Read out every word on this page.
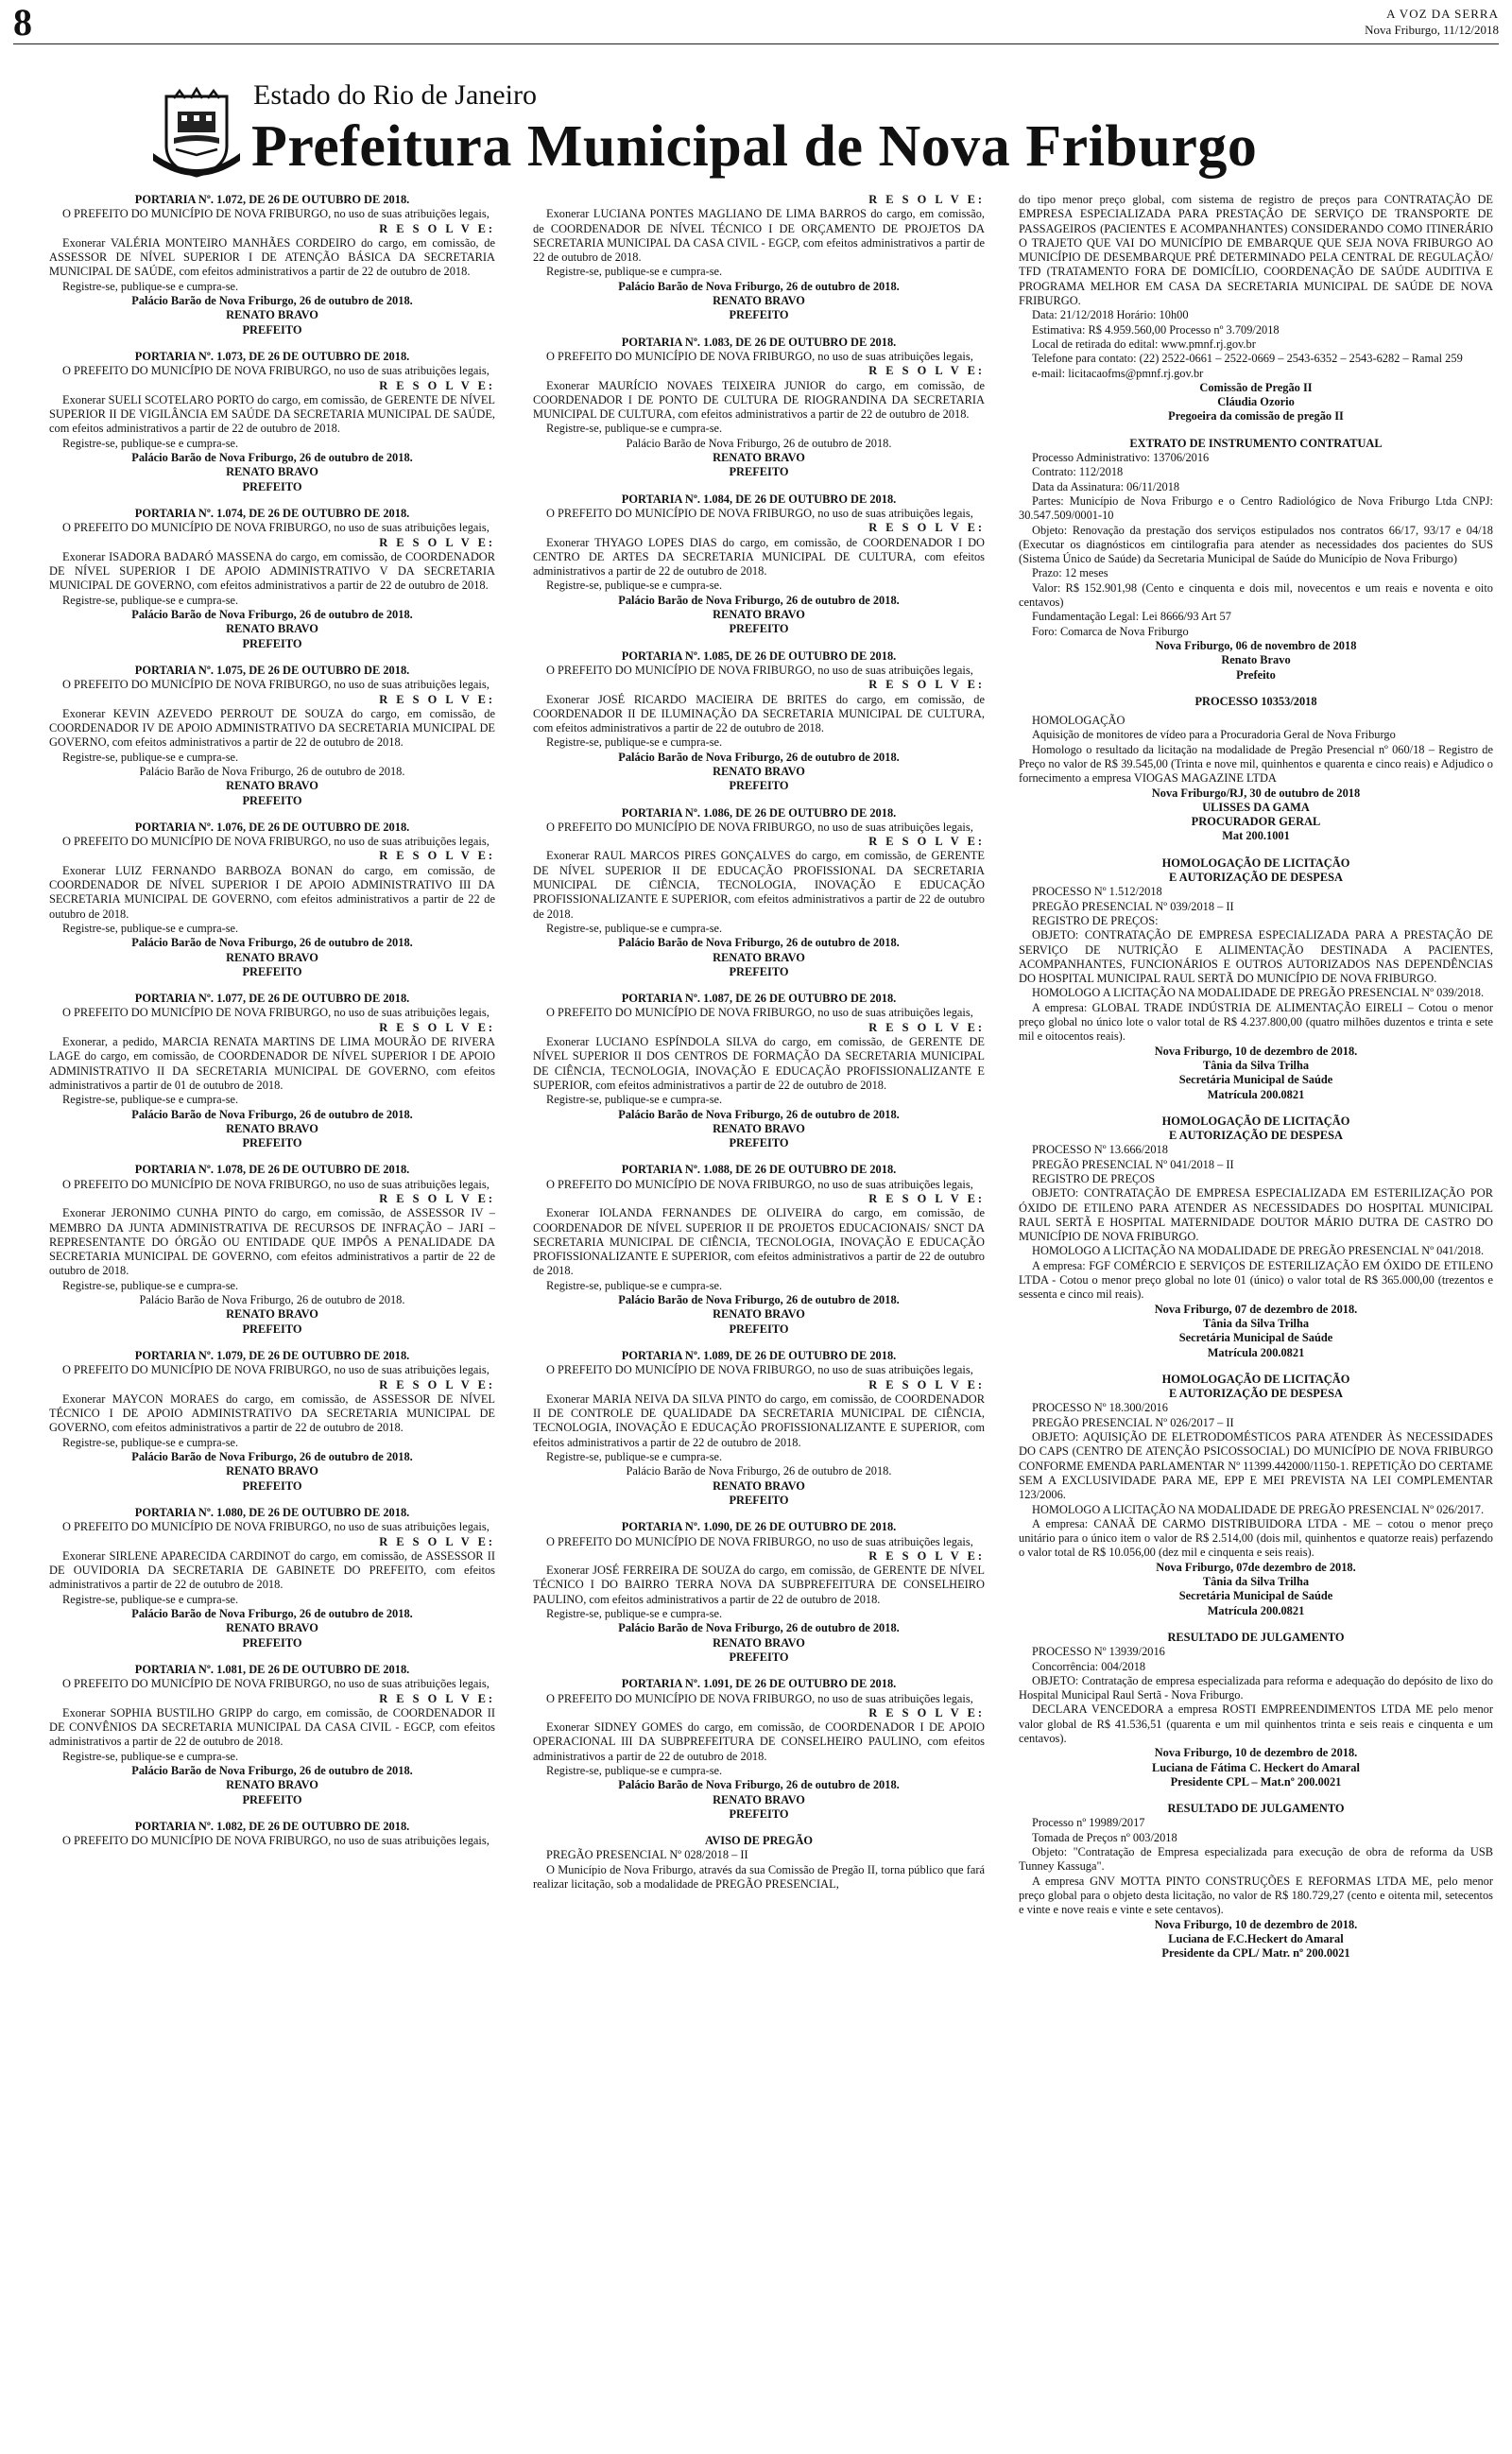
8	A VOZ DA SERRA
Nova Friburgo, 11/12/2018
Estado do Rio de Janeiro
Prefeitura Municipal de Nova Friburgo

PORTARIA Nº. 1.072, DE 26 DE OUTUBRO DE 2018.

O PREFEITO DO MUNICÍPIO DE NOVA FRIBURGO, no uso de suas atribuições legais,

R E S O L V E:

Exonerar VALÉRIA MONTEIRO MANHÃES CORDEIRO do cargo, em comissão, de ASSESSOR DE NÍVEL SUPERIOR I DE ATENÇÃO BÁSICA DA SECRETARIA MUNICIPAL DE SAÚDE, com efeitos administrativos a partir de 22 de outubro de 2018.

Registre-se, publique-se e cumpra-se.

Palácio Barão de Nova Friburgo, 26 de outubro de 2018.

RENATO BRAVO

PREFEITO

PORTARIA Nº. 1.073, DE 26 DE OUTUBRO DE 2018.

O PREFEITO DO MUNICÍPIO DE NOVA FRIBURGO, no uso de suas atribuições legais,

R E S O L V E:

Exonerar SUELI SCOTELARO PORTO do cargo, em comissão, de GERENTE DE NÍVEL SUPERIOR II DE VIGILÂNCIA EM SAÚDE DA SECRETARIA MUNICIPAL DE SAÚDE, com efeitos administrativos a partir de 22 de outubro de 2018.

Registre-se, publique-se e cumpra-se.

Palácio Barão de Nova Friburgo, 26 de outubro de 2018.

RENATO BRAVO

PREFEITO

PORTARIA Nº. 1.074, DE 26 DE OUTUBRO DE 2018.

O PREFEITO DO MUNICÍPIO DE NOVA FRIBURGO, no uso de suas atribuições legais,

R E S O L V E:

Exonerar ISADORA BADARÓ MASSENA do cargo, em comissão, de COORDENADOR DE NÍVEL SUPERIOR I DE APOIO ADMINISTRATIVO V DA SECRETARIA MUNICIPAL DE GOVERNO, com efeitos administrativos a partir de 22 de outubro de 2018.

Registre-se, publique-se e cumpra-se.

Palácio Barão de Nova Friburgo, 26 de outubro de 2018.

RENATO BRAVO

PREFEITO

PORTARIA Nº. 1.075, DE 26 DE OUTUBRO DE 2018.

O PREFEITO DO MUNICÍPIO DE NOVA FRIBURGO, no uso de suas atribuições legais,

R E S O L V E:

Exonerar KEVIN AZEVEDO PERROUT DE SOUZA do cargo, em comissão, de COORDENADOR IV DE APOIO ADMINISTRATIVO DA SECRETARIA MUNICIPAL DE GOVERNO, com efeitos administrativos a partir de 22 de outubro de 2018.

Registre-se, publique-se e cumpra-se.

Palácio Barão de Nova Friburgo, 26 de outubro de 2018.

RENATO BRAVO

PREFEITO

PORTARIA Nº. 1.076, DE 26 DE OUTUBRO DE 2018.

O PREFEITO DO MUNICÍPIO DE NOVA FRIBURGO, no uso de suas atribuições legais,

R E S O L V E:

Exonerar LUIZ FERNANDO BARBOZA BONAN do cargo, em comissão, de COORDENADOR DE NÍVEL SUPERIOR I DE APOIO ADMINISTRATIVO III DA SECRETARIA MUNICIPAL DE GOVERNO, com efeitos administrativos a partir de 22 de outubro de 2018.

Registre-se, publique-se e cumpra-se.

Palácio Barão de Nova Friburgo, 26 de outubro de 2018.

RENATO BRAVO

PREFEITO

PORTARIA Nº. 1.077, DE 26 DE OUTUBRO DE 2018.

O PREFEITO DO MUNICÍPIO DE NOVA FRIBURGO, no uso de suas atribuições legais,

R E S O L V E:

Exonerar, a pedido, MARCIA RENATA MARTINS DE LIMA MOURÃO DE RIVERA LAGE do cargo, em comissão, de COORDENADOR DE NÍVEL SUPERIOR I DE APOIO ADMINISTRATIVO II DA SECRETARIA MUNICIPAL DE GOVERNO, com efeitos administrativos a partir de 01 de outubro de 2018.

Registre-se, publique-se e cumpra-se.

Palácio Barão de Nova Friburgo, 26 de outubro de 2018.

RENATO BRAVO

PREFEITO

PORTARIA Nº. 1.078, DE 26 DE OUTUBRO DE 2018.

O PREFEITO DO MUNICÍPIO DE NOVA FRIBURGO, no uso de suas atribuições legais,

R E S O L V E:

Exonerar JERONIMO CUNHA PINTO do cargo, em comissão, de ASSESSOR IV – MEMBRO DA JUNTA ADMINISTRATIVA DE RECURSOS DE INFRAÇÃO – JARI – REPRESENTANTE DO ÓRGÃO OU ENTIDADE QUE IMPÔS A PENALIDADE DA SECRETARIA MUNICIPAL DE GOVERNO, com efeitos administrativos a partir de 22 de outubro de 2018.

Registre-se, publique-se e cumpra-se.

Palácio Barão de Nova Friburgo, 26 de outubro de 2018.

RENATO BRAVO

PREFEITO

PORTARIA Nº. 1.079, DE 26 DE OUTUBRO DE 2018.

O PREFEITO DO MUNICÍPIO DE NOVA FRIBURGO, no uso de suas atribuições legais,

R E S O L V E:

Exonerar MAYCON MORAES do cargo, em comissão, de ASSESSOR DE NÍVEL TÉCNICO I DE APOIO ADMINISTRATIVO DA SECRETARIA MUNICIPAL DE GOVERNO, com efeitos administrativos a partir de 22 de outubro de 2018.

Registre-se, publique-se e cumpra-se.

Palácio Barão de Nova Friburgo, 26 de outubro de 2018.

RENATO BRAVO

PREFEITO

PORTARIA Nº. 1.080, DE 26 DE OUTUBRO DE 2018.

O PREFEITO DO MUNICÍPIO DE NOVA FRIBURGO, no uso de suas atribuições legais,

R E S O L V E:

Exonerar SIRLENE APARECIDA CARDINOT do cargo, em comissão, de ASSESSOR II DE OUVIDORIA DA SECRETARIA DE GABINETE DO PREFEITO, com efeitos administrativos a partir de 22 de outubro de 2018.

Registre-se, publique-se e cumpra-se.

Palácio Barão de Nova Friburgo, 26 de outubro de 2018.

RENATO BRAVO

PREFEITO

PORTARIA Nº. 1.081, DE 26 DE OUTUBRO DE 2018.

O PREFEITO DO MUNICÍPIO DE NOVA FRIBURGO, no uso de suas atribuições legais,

R E S O L V E:

Exonerar SOPHIA BUSTILHO GRIPP do cargo, em comissão, de COORDENADOR II DE CONVÊNIOS DA SECRETARIA MUNICIPAL DA CASA CIVIL - EGCP, com efeitos administrativos a partir de 22 de outubro de 2018.

Registre-se, publique-se e cumpra-se.

Palácio Barão de Nova Friburgo, 26 de outubro de 2018.

RENATO BRAVO

PREFEITO

PORTARIA Nº. 1.082, DE 26 DE OUTUBRO DE 2018.

O PREFEITO DO MUNICÍPIO DE NOVA FRIBURGO, no uso de suas atribuições legais,

R E S O L V E:

Exonerar LUCIANA PONTES MAGLIANO DE LIMA BARROS do cargo, em comissão, de COORDENADOR DE NÍVEL TÉCNICO I DE ORÇAMENTO DE PROJETOS DA SECRETARIA MUNICIPAL DA CASA CIVIL - EGCP, com efeitos administrativos a partir de 22 de outubro de 2018.

Registre-se, publique-se e cumpra-se.

Palácio Barão de Nova Friburgo, 26 de outubro de 2018.

RENATO BRAVO

PREFEITO

PORTARIA Nº. 1.083, DE 26 DE OUTUBRO DE 2018.

O PREFEITO DO MUNICÍPIO DE NOVA FRIBURGO, no uso de suas atribuições legais,

R E S O L V E:

Exonerar MAURÍCIO NOVAES TEIXEIRA JUNIOR do cargo, em comissão, de COORDENADOR I DE PONTO DE CULTURA DE RIOGRANDINA DA SECRETARIA MUNICIPAL DE CULTURA, com efeitos administrativos a partir de 22 de outubro de 2018.

Registre-se, publique-se e cumpra-se.

Palácio Barão de Nova Friburgo, 26 de outubro de 2018.

RENATO BRAVO

PREFEITO

PORTARIA Nº. 1.084, DE 26 DE OUTUBRO DE 2018.

O PREFEITO DO MUNICÍPIO DE NOVA FRIBURGO, no uso de suas atribuições legais,

R E S O L V E:

Exonerar THYAGO LOPES DIAS do cargo, em comissão, de COORDENADOR I DO CENTRO DE ARTES DA SECRETARIA MUNICIPAL DE CULTURA, com efeitos administrativos a partir de 22 de outubro de 2018.

Registre-se, publique-se e cumpra-se.

Palácio Barão de Nova Friburgo, 26 de outubro de 2018.

RENATO BRAVO

PREFEITO

PORTARIA Nº. 1.085, DE 26 DE OUTUBRO DE 2018.

O PREFEITO DO MUNICÍPIO DE NOVA FRIBURGO, no uso de suas atribuições legais,

R E S O L V E:

Exonerar JOSÉ RICARDO MACIEIRA DE BRITES do cargo, em comissão, de COORDENADOR II DE ILUMINAÇÃO DA SECRETARIA MUNICIPAL DE CULTURA, com efeitos administrativos a partir de 22 de outubro de 2018.

Registre-se, publique-se e cumpra-se.

Palácio Barão de Nova Friburgo, 26 de outubro de 2018.

RENATO BRAVO

PREFEITO

PORTARIA Nº. 1.086, DE 26 DE OUTUBRO DE 2018.

O PREFEITO DO MUNICÍPIO DE NOVA FRIBURGO, no uso de suas atribuições legais,

R E S O L V E:

Exonerar RAUL MARCOS PIRES GONÇALVES do cargo, em comissão, de GERENTE DE NÍVEL SUPERIOR II DE EDUCAÇÃO PROFISSIONAL DA SECRETARIA MUNICIPAL DE CIÊNCIA, TECNOLOGIA, INOVAÇÃO E EDUCAÇÃO PROFISSIONALIZANTE E SUPERIOR, com efeitos administrativos a partir de 22 de outubro de 2018.

Registre-se, publique-se e cumpra-se.

Palácio Barão de Nova Friburgo, 26 de outubro de 2018.

RENATO BRAVO

PREFEITO

PORTARIA Nº. 1.087, DE 26 DE OUTUBRO DE 2018.

O PREFEITO DO MUNICÍPIO DE NOVA FRIBURGO, no uso de suas atribuições legais,

R E S O L V E:

Exonerar LUCIANO ESPÍNDOLA SILVA do cargo, em comissão, de GERENTE DE NÍVEL SUPERIOR II DOS CENTROS DE FORMAÇÃO DA SECRETARIA MUNICIPAL DE CIÊNCIA, TECNOLOGIA, INOVAÇÃO E EDUCAÇÃO PROFISSIONALIZANTE E SUPERIOR, com efeitos administrativos a partir de 22 de outubro de 2018.

Registre-se, publique-se e cumpra-se.

Palácio Barão de Nova Friburgo, 26 de outubro de 2018.

RENATO BRAVO

PREFEITO

PORTARIA Nº. 1.088, DE 26 DE OUTUBRO DE 2018.

O PREFEITO DO MUNICÍPIO DE NOVA FRIBURGO, no uso de suas atribuições legais,

R E S O L V E:

Exonerar IOLANDA FERNANDES DE OLIVEIRA do cargo, em comissão, de COORDENADOR DE NÍVEL SUPERIOR II DE PROJETOS EDUCACIONAIS/ SNCT DA SECRETARIA MUNICIPAL DE CIÊNCIA, TECNOLOGIA, INOVAÇÃO E EDUCAÇÃO PROFISSIONALIZANTE E SUPERIOR, com efeitos administrativos a partir de 22 de outubro de 2018.

Registre-se, publique-se e cumpra-se.

Palácio Barão de Nova Friburgo, 26 de outubro de 2018.

RENATO BRAVO

PREFEITO

PORTARIA Nº. 1.089, DE 26 DE OUTUBRO DE 2018.

O PREFEITO DO MUNICÍPIO DE NOVA FRIBURGO, no uso de suas atribuições legais,

R E S O L V E:

Exonerar MARIA NEIVA DA SILVA PINTO do cargo, em comissão, de COORDENADOR II DE CONTROLE DE QUALIDADE DA SECRETARIA MUNICIPAL DE CIÊNCIA, TECNOLOGIA, INOVAÇÃO E EDUCAÇÃO PROFISSIONALIZANTE E SUPERIOR, com efeitos administrativos a partir de 22 de outubro de 2018.

Registre-se, publique-se e cumpra-se.

Palácio Barão de Nova Friburgo, 26 de outubro de 2018.

RENATO BRAVO

PREFEITO

PORTARIA Nº. 1.090, DE 26 DE OUTUBRO DE 2018.

O PREFEITO DO MUNICÍPIO DE NOVA FRIBURGO, no uso de suas atribuições legais,

R E S O L V E:

Exonerar JOSÉ FERREIRA DE SOUZA do cargo, em comissão, de GERENTE DE NÍVEL TÉCNICO I DO BAIRRO TERRA NOVA DA SUBPREFEITURA DE CONSELHEIRO PAULINO, com efeitos administrativos a partir de 22 de outubro de 2018.

Registre-se, publique-se e cumpra-se.

Palácio Barão de Nova Friburgo, 26 de outubro de 2018.

RENATO BRAVO

PREFEITO

PORTARIA Nº. 1.091, DE 26 DE OUTUBRO DE 2018.

O PREFEITO DO MUNICÍPIO DE NOVA FRIBURGO, no uso de suas atribuições legais,

R E S O L V E:

Exonerar SIDNEY GOMES do cargo, em comissão, de COORDENADOR I DE APOIO OPERACIONAL III DA SUBPREFEITURA DE CONSELHEIRO PAULINO, com efeitos administrativos a partir de 22 de outubro de 2018.

Registre-se, publique-se e cumpra-se.

Palácio Barão de Nova Friburgo, 26 de outubro de 2018.

RENATO BRAVO

PREFEITO

AVISO DE PREGÃO

PREGÃO PRESENCIAL Nº 028/2018 – II

O Município de Nova Friburgo, através da sua Comissão de Pregão II, torna público que fará realizar licitação, sob a modalidade de PREGÃO PRESENCIAL,

do tipo menor preço global, com sistema de registro de preços para CONTRATAÇÃO DE EMPRESA ESPECIALIZADA PARA PRESTAÇÃO DE SERVIÇO DE TRANSPORTE DE PASSAGEIROS (PACIENTES E ACOMPANHANTES) CONSIDERANDO COMO ITINERÁRIO O TRAJETO QUE VAI DO MUNICÍPIO DE EMBARQUE QUE SEJA NOVA FRIBURGO AO MUNICÍPIO DE DESEMBARQUE PRÉ DETERMINADO PELA CENTRAL DE REGULAÇÃO/ TFD (TRATAMENTO FORA DE DOMICÍLIO, COORDENAÇÃO DE SAÚDE AUDITIVA E PROGRAMA MELHOR EM CASA DA SECRETARIA MUNICIPAL DE SAÚDE DE NOVA FRIBURGO.

Data: 21/12/2018 Horário: 10h00

Estimativa: R$ 4.959.560,00 Processo nº 3.709/2018

Local de retirada do edital: www.pmnf.rj.gov.br

Telefone para contato: (22) 2522-0661 – 2522-0669 – 2543-6352 – 2543-6282 – Ramal 259

e-mail: licitacaofms@pmnf.rj.gov.br

Comissão de Pregão II

Cláudia Ozorio

Pregoeira da comissão de pregão II

EXTRATO DE INSTRUMENTO CONTRATUAL

Processo Administrativo: 13706/2016

Contrato: 112/2018

Data da Assinatura: 06/11/2018

Partes: Município de Nova Friburgo e o Centro Radiológico de Nova Friburgo Ltda CNPJ: 30.547.509/0001-10

Objeto: Renovação da prestação dos serviços estipulados nos contratos 66/17, 93/17 e 04/18 (Executar os diagnósticos em cintilografia para atender as necessidades dos pacientes do SUS (Sistema Único de Saúde) da Secretaria Municipal de Saúde do Município de Nova Friburgo)

Prazo: 12 meses

Valor: R$ 152.901,98 (Cento e cinquenta e dois mil, novecentos e um reais e noventa e oito centavos)

Fundamentação Legal: Lei 8666/93 Art 57

Foro: Comarca de Nova Friburgo

Nova Friburgo, 06 de novembro de 2018

Renato Bravo

Prefeito

PROCESSO 10353/2018

HOMOLOGAÇÃO

Aquisição de monitores de vídeo para a Procuradoria Geral de Nova Friburgo

Homologo o resultado da licitação na modalidade de Pregão Presencial nº 060/18 – Registro de Preço no valor de R$ 39.545,00 (Trinta e nove mil, quinhentos e quarenta e cinco reais) e Adjudico o fornecimento a empresa VIOGAS MAGAZINE LTDA

Nova Friburgo/RJ, 30 de outubro de 2018

ULISSES DA GAMA

PROCURADOR GERAL

Mat 200.1001

HOMOLOGAÇÃO DE LICITAÇÃO

E AUTORIZAÇÃO DE DESPESA

PROCESSO Nº 1.512/2018

PREGÃO PRESENCIAL Nº 039/2018 – II

REGISTRO DE PREÇOS:

OBJETO: CONTRATAÇÃO DE EMPRESA ESPECIALIZADA PARA A PRESTAÇÃO DE SERVIÇO DE NUTRIÇÃO E ALIMENTAÇÃO DESTINADA A PACIENTES, ACOMPANHANTES, FUNCIONÁRIOS E OUTROS AUTORIZADOS NAS DEPENDÊNCIAS DO HOSPITAL MUNICIPAL RAUL SERTÃ DO MUNICÍPIO DE NOVA FRIBURGO.

HOMOLOGO A LICITAÇÃO NA MODALIDADE DE PREGÃO PRESENCIAL Nº 039/2018.

A empresa: GLOBAL TRADE INDÚSTRIA DE ALIMENTAÇÃO EIRELI – Cotou o menor preço global no único lote o valor total de R$ 4.237.800,00 (quatro milhões duzentos e trinta e sete mil e oitocentos reais).

Nova Friburgo, 10 de dezembro de 2018.

Tânia da Silva Trilha

Secretária Municipal de Saúde

Matrícula 200.0821

HOMOLOGAÇÃO DE LICITAÇÃO

E AUTORIZAÇÃO DE DESPESA

PROCESSO Nº 13.666/2018

PREGÃO PRESENCIAL Nº 041/2018 – II

REGISTRO DE PREÇOS

OBJETO: CONTRATAÇÃO DE EMPRESA ESPECIALIZADA EM ESTERILIZAÇÃO POR ÓXIDO DE ETILENO PARA ATENDER AS NECESSIDADES DO HOSPITAL MUNICIPAL RAUL SERTÃ E HOSPITAL MATERNIDADE DOUTOR MÁRIO DUTRA DE CASTRO DO MUNICÍPIO DE NOVA FRIBURGO.

HOMOLOGO A LICITAÇÃO NA MODALIDADE DE PREGÃO PRESENCIAL Nº 041/2018.

A empresa: FGF COMÉRCIO E SERVIÇOS DE ESTERILIZAÇÃO EM ÓXIDO DE ETILENO LTDA - Cotou o menor preço global no lote 01 (único) o valor total de R$ 365.000,00 (trezentos e sessenta e cinco mil reais).

Nova Friburgo, 07 de dezembro de 2018.

Tânia da Silva Trilha

Secretária Municipal de Saúde

Matrícula 200.0821

HOMOLOGAÇÃO DE LICITAÇÃO

E AUTORIZAÇÃO DE DESPESA

PROCESSO Nº 18.300/2016

PREGÃO PRESENCIAL Nº 026/2017 – II

OBJETO: AQUISIÇÃO DE ELETRODOMÉSTICOS PARA ATENDER ÀS NECESSIDADES DO CAPS (CENTRO DE ATENÇÃO PSICOSSOCIAL) DO MUNICÍPIO DE NOVA FRIBURGO CONFORME EMENDA PARLAMENTAR Nº 11399.442000/1150-1. REPETIÇÃO DO CERTAME SEM A EXCLUSIVIDADE PARA ME, EPP E MEI PREVISTA NA LEI COMPLEMENTAR 123/2006.

HOMOLOGO A LICITAÇÃO NA MODALIDADE DE PREGÃO PRESENCIAL Nº 026/2017.

A empresa: CANAÃ DE CARMO DISTRIBUIDORA LTDA - ME – cotou o menor preço unitário para o único item o valor de R$ 2.514,00 (dois mil, quinhentos e quatorze reais) perfazendo o valor total de R$ 10.056,00 (dez mil e cinquenta e seis reais).

Nova Friburgo, 07de dezembro de 2018.

Tânia da Silva Trilha

Secretária Municipal de Saúde

Matrícula 200.0821

RESULTADO DE JULGAMENTO

PROCESSO Nº 13939/2016

Concorrência: 004/2018

OBJETO: Contratação de empresa especializada para reforma e adequação do depósito de lixo do Hospital Municipal Raul Sertã - Nova Friburgo.

DECLARA VENCEDORA a empresa ROSTI EMPREENDIMENTOS LTDA ME pelo menor valor global de R$ 41.536,51 (quarenta e um mil quinhentos trinta e seis reais e cinquenta e um centavos).

Nova Friburgo, 10 de dezembro de 2018.

Luciana de Fátima C. Heckert do Amaral

Presidente CPL – Mat.nº 200.0021

RESULTADO DE JULGAMENTO

Processo nº 19989/2017

Tomada de Preços nº 003/2018

Objeto: "Contratação de Empresa especializada para execução de obra de reforma da USB Tunney Kassuga".

A empresa GNV MOTTA PINTO CONSTRUÇÕES E REFORMAS LTDA ME, pelo menor preço global para o objeto desta licitação, no valor de R$ 180.729,27 (cento e oitenta mil, setecentos e vinte e nove reais e vinte e sete centavos).

Nova Friburgo, 10 de dezembro de 2018.

Luciana de F.C.Heckert do Amaral

Presidente da CPL/ Matr. nº 200.0021
